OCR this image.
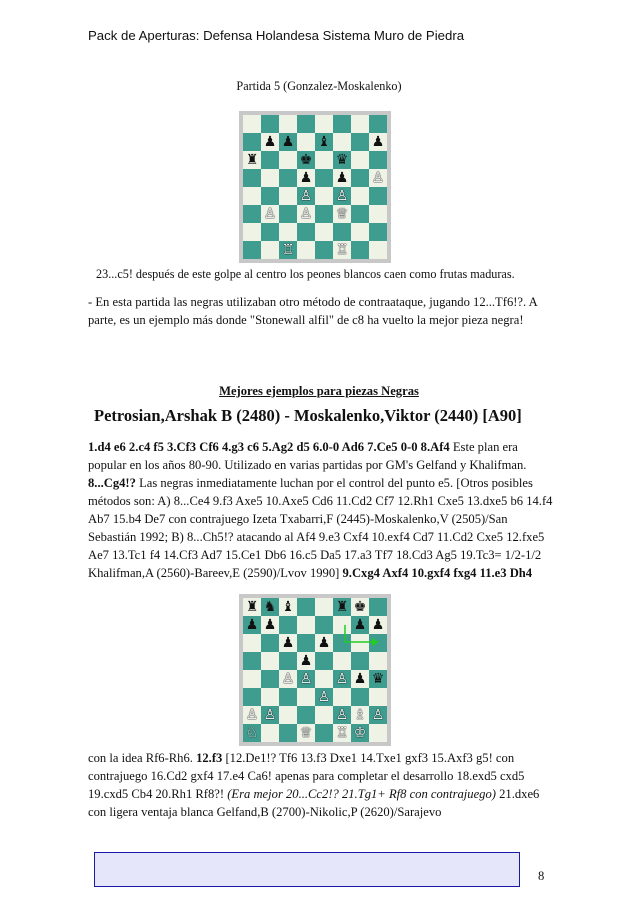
Pack de Aperturas: Defensa Holandesa Sistema Muro de Piedra
Partida 5 (Gonzalez-Moskalenko)
♟ ♟ ♝	♟
♜	♚ ♛
♟ ♟ ♙
♙ ♙
♙ ♙ ♕
♖	♖
23...c5! después de este golpe al centro los peones blancos caen como frutas maduras.
- En esta partida las negras utilizaban otro método de contraataque, jugando 12...Tf6!?. A parte, es un ejemplo más donde "Stonewall alfil" de c8 ha vuelto la mejor pieza negra!
Mejores ejemplos para piezas Negras
Petrosian,Arshak B (2480) - Moskalenko,Viktor (2440) [A90]
1.d4 e6 2.c4 f5 3.Cf3 Cf6 4.g3 c6 5.Ag2 d5 6.0-0 Ad6 7.Ce5 0-0 8.Af4 Este plan era popular en los años 80-90. Utilizado en varias partidas por GM's Gelfand y Khalifman. 8...Cg4!? Las negras inmediatamente luchan por el control del punto e5. [Otros posibles métodos son: A) 8...Ce4 9.f3 Axe5 10.Axe5 Cd6 11.Cd2 Cf7 12.Rh1 Cxe5 13.dxe5 b6 14.f4 Ab7 15.b4 De7 con contrajuego Izeta Txabarri,F (2445)-Moskalenko,V (2505)/San Sebastián 1992; B) 8...Ch5!? atacando al Af4 9.e3 Cxf4 10.exf4 Cd7 11.Cd2 Cxe5 12.fxe5 Ae7 13.Tc1 f4 14.Cf3 Ad7 15.Ce1 Db6 16.c5 Da5 17.a3 Tf7 18.Cd3 Ag5 19.Tc3= 1/2-1/2 Khalifman,A (2560)-Bareev,E (2590)/Lvov 1990] 9.Cxg4 Axf4 10.gxf4 fxg4 11.e3 Dh4
♜ ♞ ♝	♜ ♚
♟ ♟	♟ ♟
♟ ♟
♟
♙ ♙ ♙ ♟ ♛
♙
♙ ♙	♙ ♗ ♙
♘	♕ ♖ ♔
con la idea Rf6-Rh6. 12.f3 [12.De1!? Tf6 13.f3 Dxe1 14.Txe1 gxf3 15.Axf3 g5! con contrajuego 16.Cd2 gxf4 17.e4 Ca6! apenas para completar el desarrollo 18.exd5 cxd5 19.cxd5 Cb4 20.Rh1 Rf8?! (Era mejor 20...Cc2!? 21.Tg1+ Rf8 con contrajuego) 21.dxe6 con ligera ventaja blanca Gelfand,B (2700)-Nikolic,P (2620)/Sarajevo
8
